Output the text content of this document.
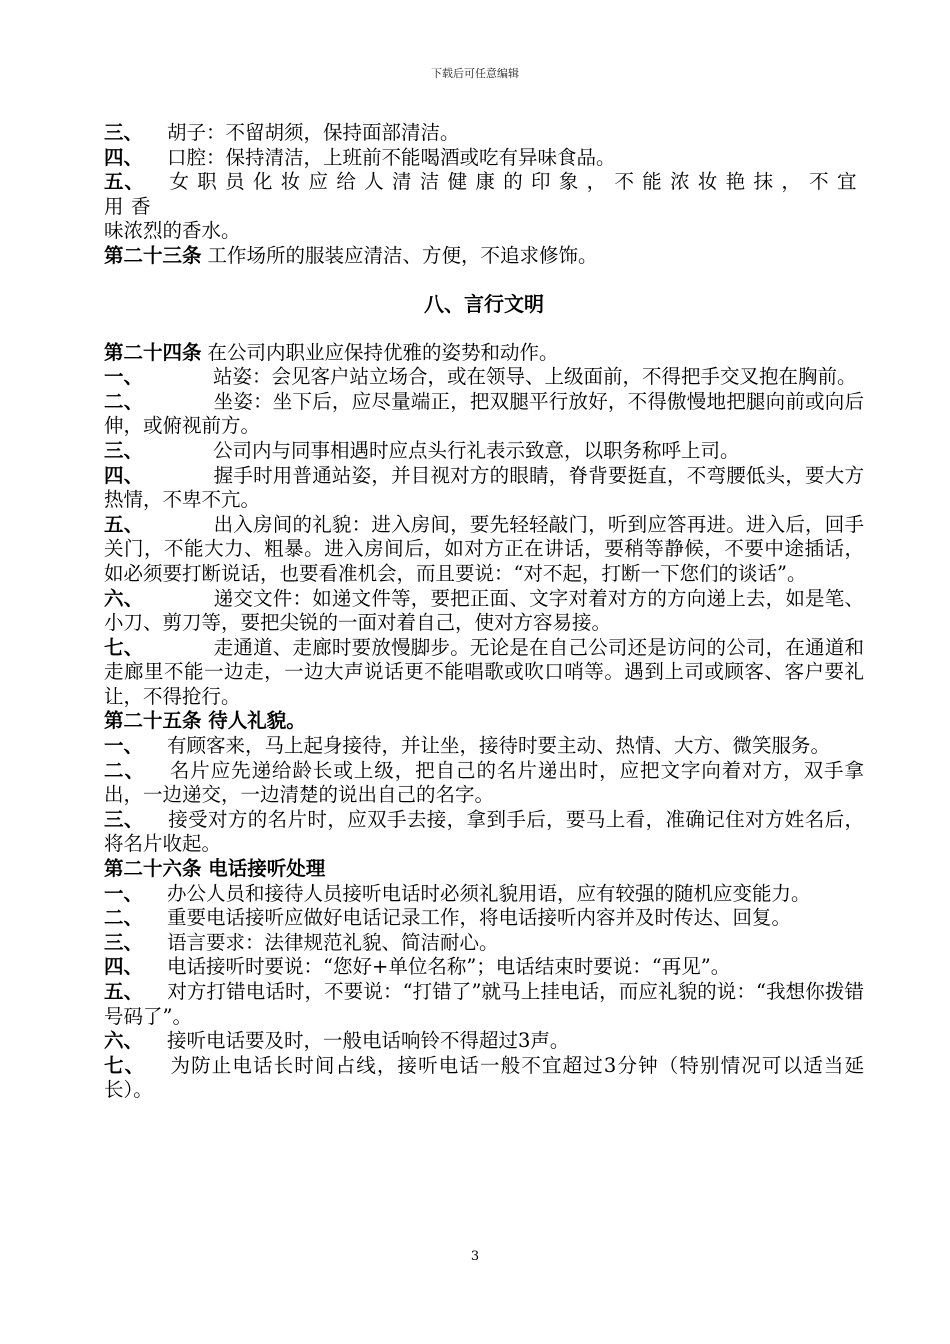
下载后可任意编辑

三、 胡子：不留胡须，保持面部清洁。

四、 口腔：保持清洁，上班前不能喝酒或吃有异味食品。

五、 女职员化妆应给人清洁健康的印象，不能浓妆艳抹，不宜用香
味浓烈的香水。

第二十三条 工作场所的服装应清洁、方便，不追求修饰。

八、言行文明

第二十四条 在公司内职业应保持优雅的姿势和动作。

一、	站姿：会见客户站立场合，或在领导、上级面前，不得把手交叉抱在胸前。

二、	坐姿：坐下后，应尽量端正，把双腿平行放好，不得傲慢地把腿向前或向后伸，或俯视前方。

三、	公司内与同事相遇时应点头行礼表示致意，以职务称呼上司。

四、	握手时用普通站姿，并目视对方的眼睛，脊背要挺直，不弯腰低头，要大方热情，不卑不亢。

五、	出入房间的礼貌：进入房间，要先轻轻敲门，听到应答再进。进入后，回手关门，不能大力、粗暴。进入房间后，如对方正在讲话，要稍等静候，不要中途插话，如必须要打断说话，也要看准机会，而且要说：“对不起，打断一下您们的谈话”。

六、	递交文件：如递文件等，要把正面、文字对着对方的方向递上去，如是笔、小刀、剪刀等，要把尖锐的一面对着自己，使对方容易接。

七、	走通道、走廊时要放慢脚步。无论是在自己公司还是访问的公司，在通道和走廊里不能一边走，一边大声说话更不能唱歌或吹口哨等。遇到上司或顾客、客户要礼让，不得抢行。

第二十五条 待人礼貌。

一、 有顾客来，马上起身接待，并让坐，接待时要主动、热情、大方、微笑服务。

二、 名片应先递给龄长或上级，把自己的名片递出时，应把文字向着对方，双手拿出，一边递交，一边清楚的说出自己的名字。

三、 接受对方的名片时，应双手去接，拿到手后，要马上看，准确记住对方姓名后，将名片收起。

第二十六条 电话接听处理

一、 办公人员和接待人员接听电话时必须礼貌用语，应有较强的随机应变能力。

二、 重要电话接听应做好电话记录工作，将电话接听内容并及时传达、回复。

三、 语言要求：法律规范礼貌、简洁耐心。

四、 电话接听时要说：“您好+单位名称”；电话结束时要说：“再见”。

五、 对方打错电话时，不要说：“打错了”就马上挂电话，而应礼貌的说：“我想你拨错号码了”。

六、 接听电话要及时，一般电话响铃不得超过3声。

七、 为防止电话长时间占线，接听电话一般不宜超过3分钟（特别情况可以适当延长）。

3
